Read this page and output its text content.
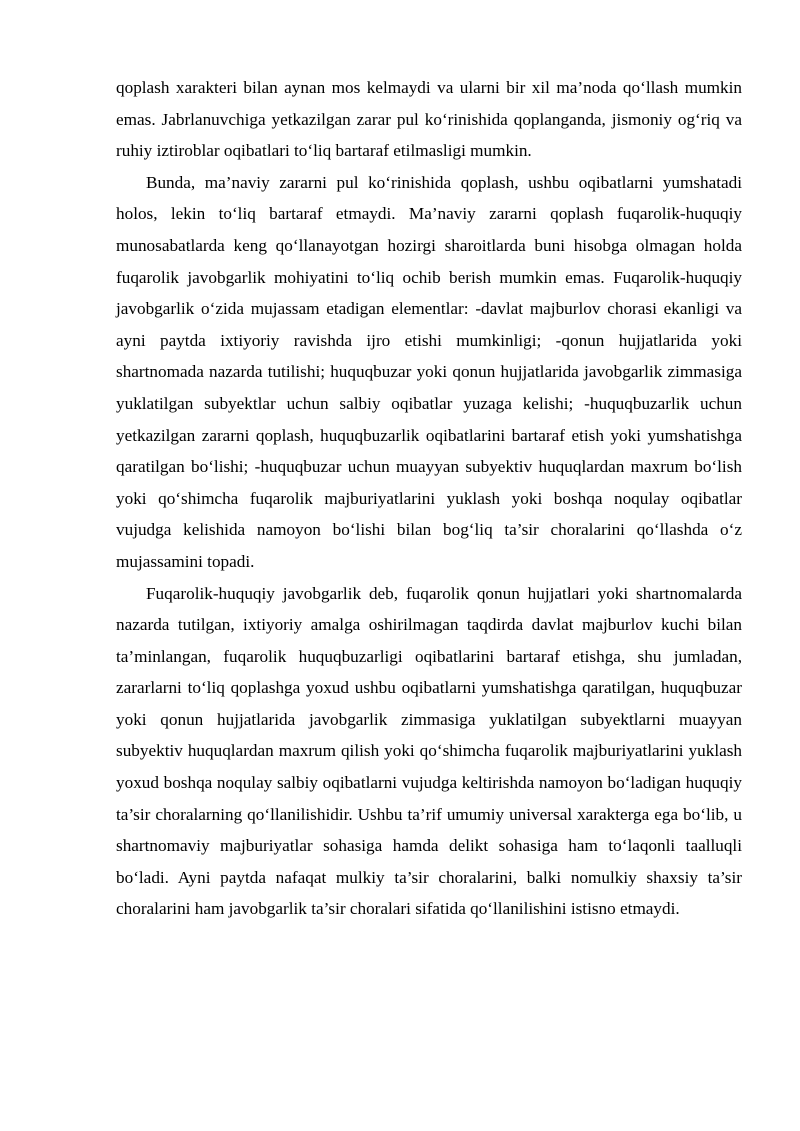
qoplash xarakteri bilan aynan mos kelmaydi va ularni bir xil ma’noda qo‘llash mumkin emas. Jabrlanuvchiga yetkazilgan zarar pul ko‘rinishida qoplanganda, jismoniy og‘riq va ruhiy iztiroblar oqibatlari to‘liq bartaraf etilmasligi mumkin.

Bunda, ma’naviy zararni pul ko‘rinishida qoplash, ushbu oqibatlarni yumshatadi holos, lekin to‘liq bartaraf etmaydi. Ma’naviy zararni qoplash fuqarolik-huquqiy munosabatlarda keng qo‘llanayotgan hozirgi sharoitlarda buni hisobga olmagan holda fuqarolik javobgarlik mohiyatini to‘liq ochib berish mumkin emas. Fuqarolik-huquqiy javobgarlik o‘zida mujassam etadigan elementlar: -davlat majburlov chorasi ekanligi va ayni paytda ixtiyoriy ravishda ijro etishi mumkinligi; -qonun hujjatlarida yoki shartnomada nazarda tutilishi; huquqbuzar yoki qonun hujjatlarida javobgarlik zimmasiga yuklatilgan subyektlar uchun salbiy oqibatlar yuzaga kelishi; -huquqbuzarlik uchun yetkazilgan zararni qoplash, huquqbuzarlik oqibatlarini bartaraf etish yoki yumshatishga qaratilgan bo‘lishi; -huquqbuzar uchun muayyan subyektiv huquqlardan maxrum bo‘lish yoki qo‘shimcha fuqarolik majburiyatlarini yuklash yoki boshqa noqulay oqibatlar vujudga kelishida namoyon bo‘lishi bilan bog‘liq ta’sir choralarini qo‘llashda o‘z mujassamini topadi.

Fuqarolik-huquqiy javobgarlik deb, fuqarolik qonun hujjatlari yoki shartnomalarda nazarda tutilgan, ixtiyoriy amalga oshirilmagan taqdirda davlat majburlov kuchi bilan ta’minlangan, fuqarolik huquqbuzarligi oqibatlarini bartaraf etishga, shu jumladan, zararlarni to‘liq qoplashga yoxud ushbu oqibatlarni yumshatishga qaratilgan, huquqbuzar yoki qonun hujjatlarida javobgarlik zimmasiga yuklatilgan subyektlarni muayyan subyektiv huquqlardan maxrum qilish yoki qo‘shimcha fuqarolik majburiyatlarini yuklash yoxud boshqa noqulay salbiy oqibatlarni vujudga keltirishda namoyon bo‘ladigan huquqiy ta’sir choralarning qo‘llanilishidir. Ushbu ta’rif umumiy universal xarakterga ega bo‘lib, u shartnomaviy majburiyatlar sohasiga hamda delikt sohasiga ham to‘laqonli taalluqli bo‘ladi. Ayni paytda nafaqat mulkiy ta’sir choralarini, balki nomulkiy shaxsiy ta’sir choralarini ham javobgarlik ta’sir choralari sifatida qo‘llanilishini istisno etmaydi.
